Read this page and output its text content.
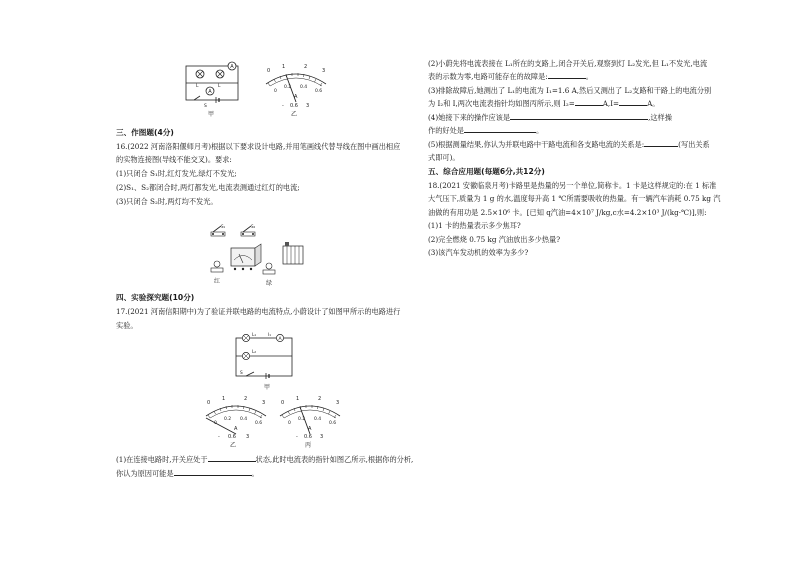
A
A
L	L
S
甲
0
1	2
3
0
0.2 0.4
0.6
A
- 0.6 3
乙
三、作图题(4分)
16.(2022 河南洛阳偃师月考)根据以下要求设计电路,并用笔画线代替导线在图中画出相应
的实物连接图(导线不能交叉)。要求:
(1)只闭合 S₁时,红灯发光,绿灯不发光;
(2)S₁、S₂都闭合时,两灯都发光,电流表测通过红灯的电流;
(3)只闭合 S₂时,两灯均不发光。
S₁	S₂
红	绿
四、实验探究题(10分)
17.(2021 河南信阳期中)为了验证并联电路的电流特点,小蔚设计了如图甲所示的电路进行
实验。
A
L₁
L₂
I₁
S
甲
0
1	2
3
0
0.2 0.4
0.6
A
- 0.6 3
乙
0
1	2
3
0
0.2 0.4
0.6
A
- 0.6 3
丙
(1)在连接电路时,开关应处于	状态,此时电流表的指针如图乙所示,根据你的分析,
你认为原因可能是	。
(2)小蔚先将电流表接在 L₁所在的支路上,闭合开关后,观察到灯 L₂发光,但 L₁不发光,电流
表的示数为零,电路可能存在的故障是:	。
(3)排除故障后,她测出了 L₁的电流为 I₁=1.6 A,然后又测出了 L₂支路和干路上的电流分别
为 I₂和 I,两次电流表指针均如图丙所示,则 I₂=	A,I=	A。
(4)她接下来的操作应该是	,这样操
作的好处是	。
(5)根据测量结果,你认为并联电路中干路电流和各支路电流的关系是:	(写出关系
式即可)。
五、综合应用题(每题6分,共12分)
18.(2021 安徽临泉月考)卡路里是热量的另一个单位,简称卡。1 卡是这样规定的:在 1 标准
大气压下,质量为 1 g 的水,温度每升高 1 ℃所需要吸收的热量。有一辆汽车消耗 0.75 kg 汽
油做的有用功是 2.5×10⁶ 卡。[已知 q汽油=4×10⁷ J/kg,c水=4.2×10³ J/(kg·℃)],则:
(1)1 卡的热量表示多少焦耳?
(2)完全燃烧 0.75 kg 汽油放出多少热量?
(3)该汽车发动机的效率为多少?
